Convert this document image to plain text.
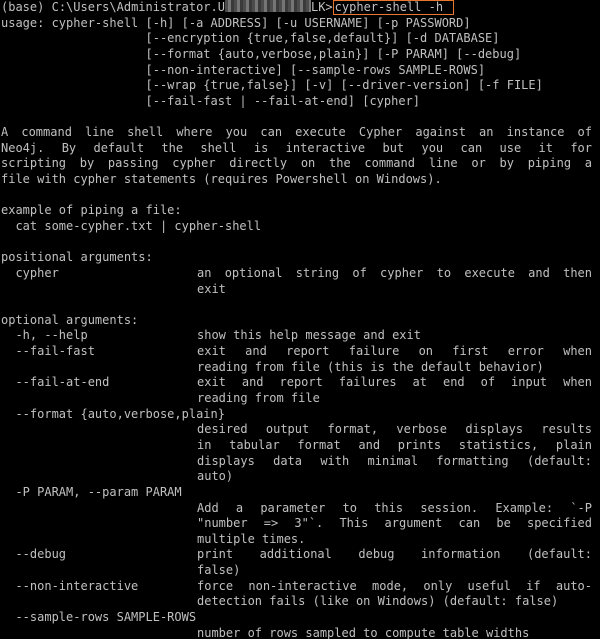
(base) C:\Users\Administrator.U	LK> cypher-shell -h
usage: cypher-shell [-h] [-a ADDRESS] [-u USERNAME] [-p PASSWORD]
[--encryption {true,false,default}] [-d DATABASE]
[--format {auto,verbose,plain}] [-P PARAM] [--debug]
[--non-interactive] [--sample-rows SAMPLE-ROWS]
[--wrap {true,false}] [-v] [--driver-version] [-f FILE]
[--fail-fast | --fail-at-end] [cypher]
A command line shell where you can execute Cypher against an instance of
Neo4j. By default the shell is interactive but you can use it for
scripting by passing cypher directly on the command line or by piping a
file with cypher statements (requires Powershell on Windows).
example of piping a file:
cat some-cypher.txt | cypher-shell
positional arguments:
cypher	an optional string of cypher to execute and then
exit
optional arguments:
-h, --help	show this help message and exit
--fail-fast	exit and report failure on first error when
reading from file (this is the default behavior)
--fail-at-end	exit and report failures at end of input when
reading from file
--format {auto,verbose,plain}
desired output format, verbose displays results
in tabular format and prints statistics, plain
displays data with minimal formatting (default:
auto)
-P PARAM, --param PARAM
Add a parameter to this session. Example: `-P
"number => 3"`. This argument can be specified
multiple times.
--debug	print additional debug information (default:
false)
--non-interactive	force non-interactive mode, only useful if auto-
detection fails (like on Windows) (default: false)
--sample-rows SAMPLE-ROWS
number of rows sampled to compute table widths
